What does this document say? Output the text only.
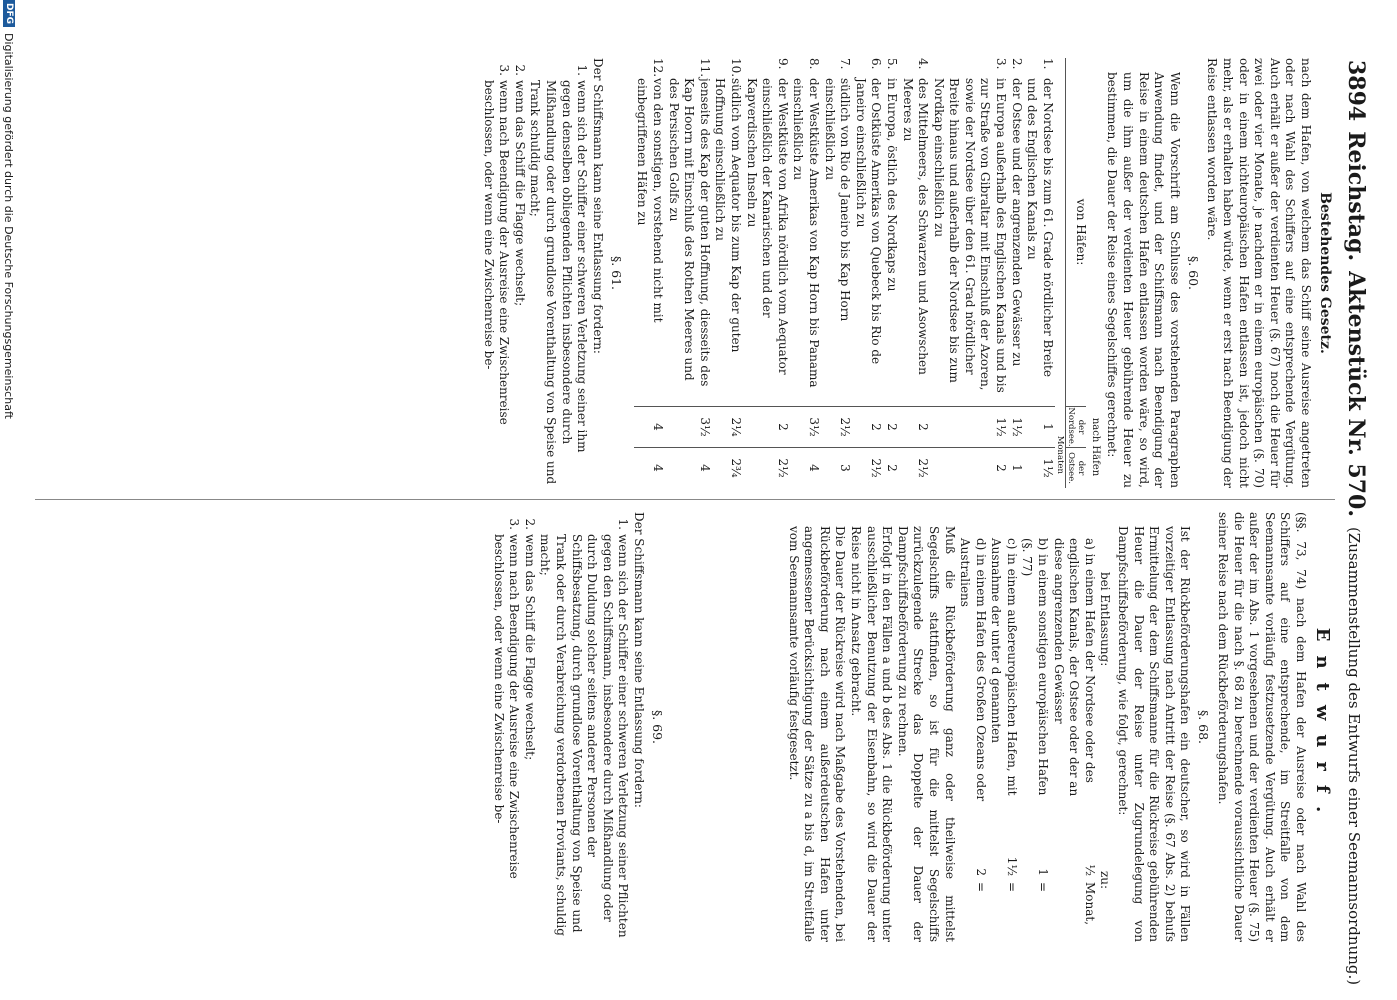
3894
Reichstag.
Aktenstück Nr. 570.
(Zusammenstellung des Entwurfs einer Seemannsordnung.)
Bestehendes Gesetz.

nach dem Hafen, von welchem das Schiff seine Ausreise angetreten oder nach Wahl des Schiffers auf eine entsprechende Vergütung. Auch erhält er außer der verdienten Heuer (§. 67) noch die Heuer für zwei oder vier Monate, je nachdem er in einem europäischen (§. 70) oder in einem nichteuropäischen Hafen entlassen ist, jedoch nicht mehr, als er erhalten haben würde, wenn er erst nach Beendigung der Reise entlassen worden wäre.

§. 60.

Wenn die Vorschrift am Schlusse des vorstehenden Paragraphen Anwendung findet, und der Schiffsmann nach Beendigung der Reise in einem deutschen Hafen entlassen worden wäre, so wird, um die ihm außer der verdienten Heuer gebührende Heuer zu bestimmen, die Dauer der Reise eines Segelschiffes gerechnet:

nach Häfen
von Häfen:
der Nordsee.
der Ostsee.
Monaten
1.
der Nordsee bis zum 61. Grade nördlicher Breite und des Englischen Kanals zu
1
1½
2.
der Ostsee und der angrenzenden Gewässer zu
1½
1
3.
in Europa außerhalb des Englischen Kanals und bis zur Straße von Gibraltar mit Einschluß der Azoren, sowie der Nordsee über den 61. Grad nördlicher Breite hinaus und außerhalb der Nordsee bis zum Nordkap einschließlich zu
1½
2
4.
des Mittelmeers, des Schwarzen und Asowschen Meeres zu
2
2½
5.
in Europa, östlich des Nordkaps zu
2
2
6.
der Ostküste Amerikas von Quebeck bis Rio de Janeiro einschließlich zu
2
2½
7.
südlich von Rio de Janeiro bis Kap Horn einschließlich zu
2½
3
8.
der Westküste Amerikas von Kap Horn bis Panama einschließlich zu
3½
4
9.
der Westküste von Afrika nördlich vom Aequator einschließlich der Kanarischen und der Kapverdischen Inseln zu
2
2½
10.
südlich vom Aequator bis zum Kap der guten Hoffnung einschließlich zu
2¼
2¾
11.
jenseits des Kap der guten Hoffnung, diesseits des Kap Hoorn mit Einschluß des Rothen Meeres und des Persischen Golfs zu
3½
4
12.
von den sonstigen, vorstehend nicht mit einbegriffenen Häfen zu
4
4
§. 61.

Der Schiffsmann kann seine Entlassung fordern:

1.
wenn sich der Schiffer einer schweren Verletzung seiner ihm gegen denselben obliegenden Pflichten insbesondere durch Mißhandlung oder durch grundlose Vorenthaltung von Speise und Trank schuldig macht;
2.
wenn das Schiff die Flagge wechselt;
3.
wenn nach Beendigung der Ausreise eine Zwischenreise beschlossen, oder wenn eine Zwischenreise be-
Entwurf.

(§§. 73, 74) nach dem Hafen der Ausreise oder nach Wahl des Schiffers auf eine entsprechende, im Streitfalle von dem Seemannsamte vorläufig festzusetzende Vergütung. Auch erhält er außer der im Abs. 1 vorgesehenen und der verdienten Heuer (§. 75) die Heuer für die nach §. 68 zu berechnende voraussichtliche Dauer seiner Reise nach dem Rückbeförderungshafen.

§. 68.

Ist der Rückbeförderungshafen ein deutscher, so wird in Fällen vorzeitiger Entlassung nach Antritt der Reise (§. 67 Abs. 2) behufs Ermittelung der dem Schiffsmanne für die Rückreise gebührenden Heuer die Dauer der Reise unter Zugrundelegung von Dampfschiffsbeförderung, wie folgt, gerechnet:

bei Entlassung:
zu:
a) in einem Hafen der Nordsee oder des englischen Kanals, der Ostsee oder der an diese angrenzenden Gewässer
½
Monat,
b) in einem sonstigen europäischen Hafen (§. 77)
1
=
c) in einem außereuropäischen Hafen, mit Ausnahme der unter d genannten
1½
=
d) in einem Hafen des Großen Ozeans oder Australiens
2
=

Muß die Rückbeförderung ganz oder theilweise mittelst Segelschiffs stattfinden, so ist für die mittelst Segelschiffs zurückzulegende Strecke das Doppelte der Dauer der Dampfschiffsbeförderung zu rechnen.

Erfolgt in den Fällen a und b des Abs. 1 die Rückbeförderung unter ausschließlicher Benutzung der Eisenbahn, so wird die Dauer der Reise nicht in Ansatz gebracht.

Die Dauer der Rückreise wird nach Maßgabe des Vorstehenden, bei Rückbeförderung nach einem außerdeutschen Hafen unter angemessener Berücksichtigung der Sätze zu a bis d, im Streitfalle vom Seemannsamte vorläufig festgesetzt.

§. 69.

Der Schiffsmann kann seine Entlassung fordern:

1.
wenn sich der Schiffer einer schweren Verletzung seiner Pflichten gegen den Schiffsmann, insbesondere durch Mißhandlung oder durch Duldung solcher seitens anderer Personen der Schiffsbesatzung, durch grundlose Vorenthaltung von Speise und Trank oder durch Verabreichung verdorbenen Proviants, schuldig macht;
2.
wenn das Schiff die Flagge wechselt;
3.
wenn nach Beendigung der Ausreise eine Zwischenreise beschlossen, oder wenn eine Zwischenreise be-
DFG
Digitalisierung gefördert durch die Deutsche Forschungsgemeinschaft
